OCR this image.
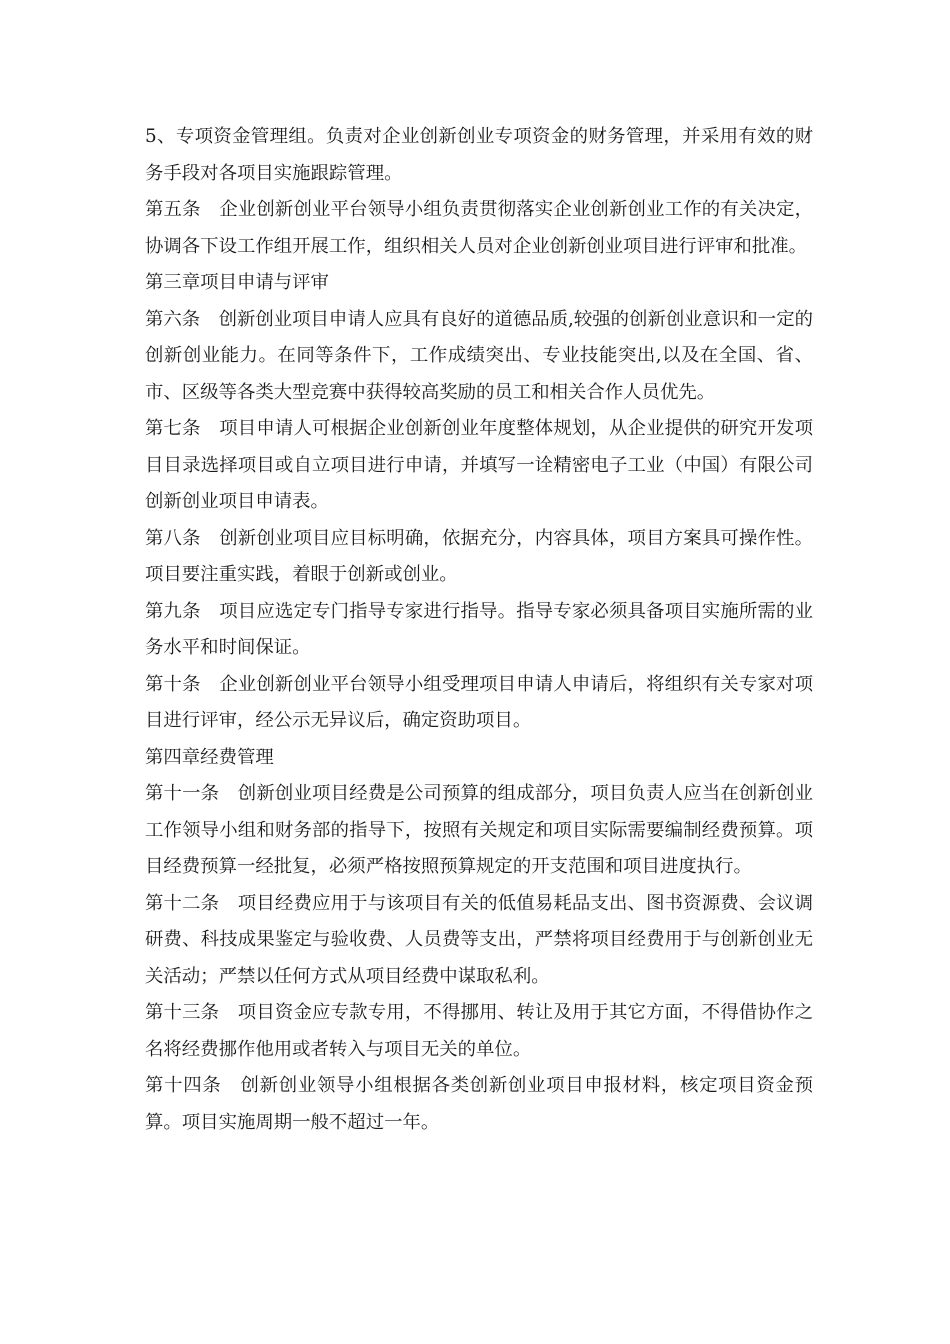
5、专项资金管理组。负责对企业创新创业专项资金的财务管理，并采用有效的财务手段对各项目实施跟踪管理。

第五条　企业创新创业平台领导小组负责贯彻落实企业创新创业工作的有关决定，协调各下设工作组开展工作，组织相关人员对企业创新创业项目进行评审和批准。

第三章项目申请与评审

第六条　创新创业项目申请人应具有良好的道德品质,较强的创新创业意识和一定的创新创业能力。在同等条件下，工作成绩突出、专业技能突出,以及在全国、省、市、区级等各类大型竞赛中获得较高奖励的员工和相关合作人员优先。

第七条　项目申请人可根据企业创新创业年度整体规划，从企业提供的研究开发项目目录选择项目或自立项目进行申请，并填写一诠精密电子工业（中国）有限公司创新创业项目申请表。

第八条　创新创业项目应目标明确，依据充分，内容具体，项目方案具可操作性。项目要注重实践，着眼于创新或创业。

第九条　项目应选定专门指导专家进行指导。指导专家必须具备项目实施所需的业务水平和时间保证。

第十条　企业创新创业平台领导小组受理项目申请人申请后，将组织有关专家对项目进行评审，经公示无异议后，确定资助项目。

第四章经费管理

第十一条　创新创业项目经费是公司预算的组成部分，项目负责人应当在创新创业工作领导小组和财务部的指导下，按照有关规定和项目实际需要编制经费预算。项目经费预算一经批复，必须严格按照预算规定的开支范围和项目进度执行。

第十二条　项目经费应用于与该项目有关的低值易耗品支出、图书资源费、会议调研费、科技成果鉴定与验收费、人员费等支出，严禁将项目经费用于与创新创业无关活动；严禁以任何方式从项目经费中谋取私利。

第十三条　项目资金应专款专用，不得挪用、转让及用于其它方面，不得借协作之名将经费挪作他用或者转入与项目无关的单位。

第十四条　创新创业领导小组根据各类创新创业项目申报材料，核定项目资金预算。项目实施周期一般不超过一年。
